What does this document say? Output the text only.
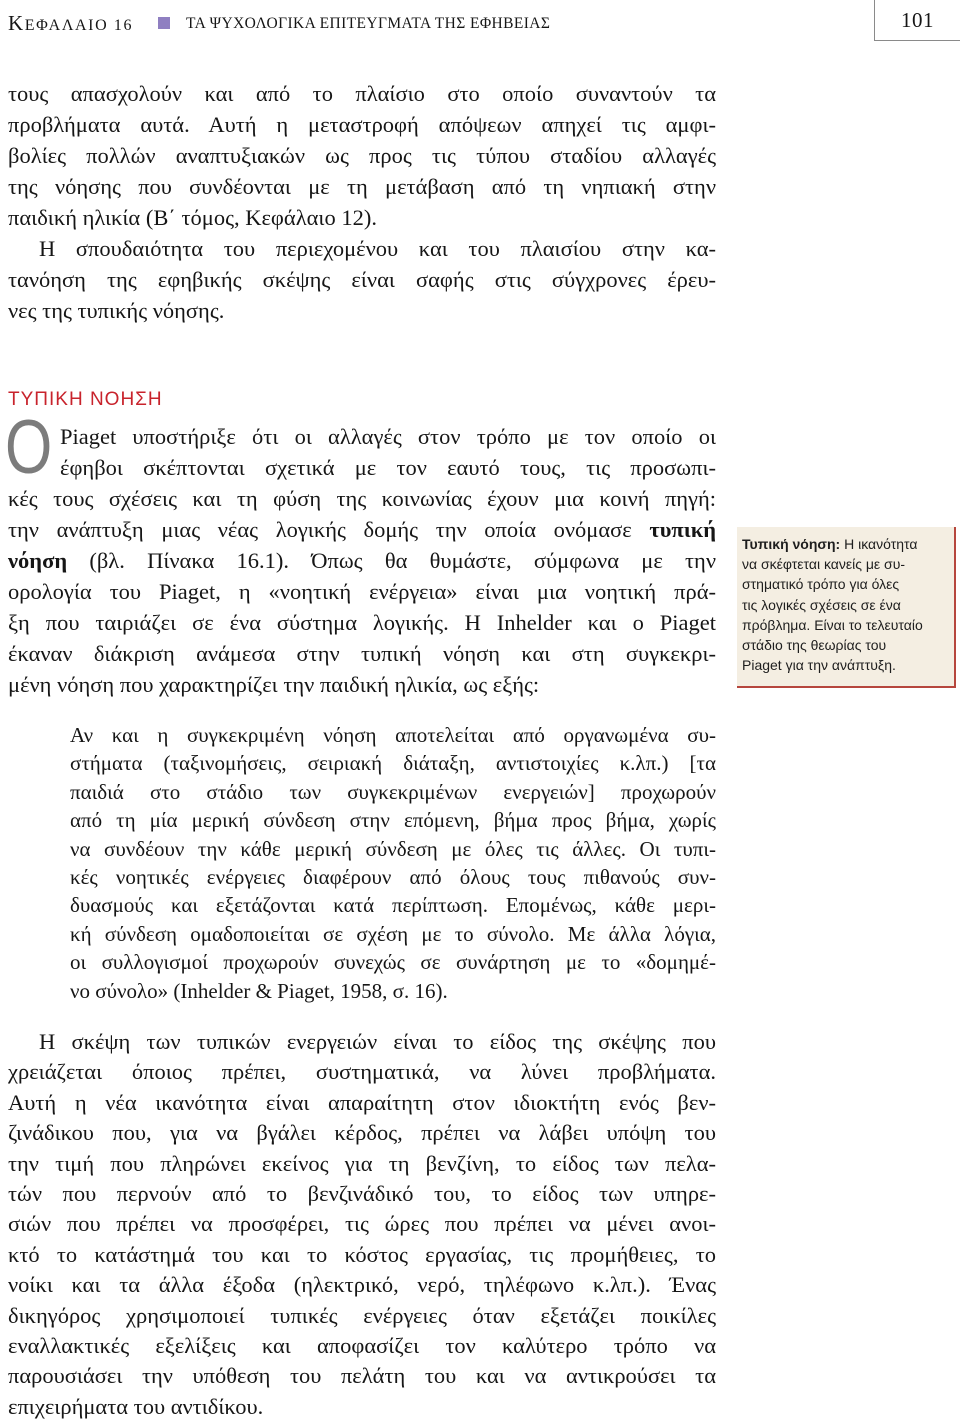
ΚΕΦΑΛΑΙΟ 16	ΤΑ ΨΥΧΟΛΟΓΙΚΑ ΕΠΙΤΕΥΓΜΑΤΑ ΤΗΣ ΕΦΗΒΕΙΑΣ	101
τους απασχολούν και από το πλαίσιο στο οποίο συναντούν τα
προβλήματα αυτά. Αυτή η μεταστροφή απόψεων απηχεί τις αμφι-
βολίες πολλών αναπτυξιακών ως προς τις τύπου σταδίου αλλαγές
της νόησης που συνδέονται με τη μετάβαση από τη νηπιακή στην
παιδική ηλικία (Β΄ τόμος, Κεφάλαιο 12).
Η σπουδαιότητα του περιεχομένου και του πλαισίου στην κα-
τανόηση της εφηβικής σκέψης είναι σαφής στις σύγχρονες έρευ-
νες της τυπικής νόησης.
ΤΥΠΙΚΗ ΝΟΗΣΗ
Ο Piaget υποστήριξε ότι οι αλλαγές στον τρόπο με τον οποίο οι
έφηβοι σκέπτονται σχετικά με τον εαυτό τους, τις προσωπι-
κές τους σχέσεις και τη φύση της κοινωνίας έχουν μια κοινή πηγή:
την ανάπτυξη μιας νέας λογικής δομής την οποία ονόμασε τυπική
νόηση (βλ. Πίνακα 16.1). Όπως θα θυμάστε, σύμφωνα με την
ορολογία του Piaget, η «νοητική ενέργεια» είναι μια νοητική πρά-
ξη που ταιριάζει σε ένα σύστημα λογικής. Η Inhelder και ο Piaget
έκαναν διάκριση ανάμεσα στην τυπική νόηση και στη συγκεκρι-
μένη νόηση που χαρακτηρίζει την παιδική ηλικία, ως εξής:
Τυπική νόηση: Η ικανότητα
να σκέφτεται κανείς με συ-
στηματικό τρόπο για όλες
τις λογικές σχέσεις σε ένα
πρόβλημα. Είναι το τελευταίο
στάδιο της θεωρίας του
Piaget για την ανάπτυξη.
Αν και η συγκεκριμένη νόηση αποτελείται από οργανωμένα συ-
στήματα (ταξινομήσεις, σειριακή διάταξη, αντιστοιχίες κ.λπ.) [τα
παιδιά στο στάδιο των συγκεκριμένων ενεργειών] προχωρούν
από τη μία μερική σύνδεση στην επόμενη, βήμα προς βήμα, χωρίς
να συνδέουν την κάθε μερική σύνδεση με όλες τις άλλες. Οι τυπι-
κές νοητικές ενέργειες διαφέρουν από όλους τους πιθανούς συν-
δυασμούς και εξετάζονται κατά περίπτωση. Επομένως, κάθε μερι-
κή σύνδεση ομαδοποιείται σε σχέση με το σύνολο. Με άλλα λόγια,
οι συλλογισμοί προχωρούν συνεχώς σε συνάρτηση με το «δομημέ-
νο σύνολο» (Inhelder & Piaget, 1958, σ. 16).
Η σκέψη των τυπικών ενεργειών είναι το είδος της σκέψης που
χρειάζεται όποιος πρέπει, συστηματικά, να λύνει προβλήματα.
Αυτή η νέα ικανότητα είναι απαραίτητη στον ιδιοκτήτη ενός βεν-
ζινάδικου που, για να βγάλει κέρδος, πρέπει να λάβει υπόψη του
την τιμή που πληρώνει εκείνος για τη βενζίνη, το είδος των πελα-
τών που περνούν από το βενζινάδικό του, το είδος των υπηρε-
σιών που πρέπει να προσφέρει, τις ώρες που πρέπει να μένει ανοι-
κτό το κατάστημά του και το κόστος εργασίας, τις προμήθειες, το
νοίκι και τα άλλα έξοδα (ηλεκτρικό, νερό, τηλέφωνο κ.λπ.). Ένας
δικηγόρος χρησιμοποιεί τυπικές ενέργειες όταν εξετάζει ποικίλες
εναλλακτικές εξελίξεις και αποφασίζει τον καλύτερο τρόπο να
παρουσιάσει την υπόθεση του πελάτη του και να αντικρούσει τα
επιχειρήματα του αντιδίκου.
